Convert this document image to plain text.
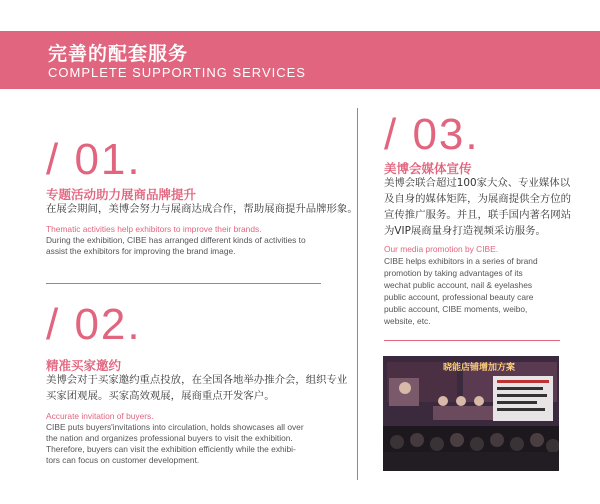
完善的配套服务
COMPLETE SUPPORTING SERVICES
/ 01.
专题活动助力展商品牌提升
在展会期间，美博会努力与展商达成合作，帮助展商提升品牌形象。
Thematic activities help exhibitors to improve their brands.
During the exhibition, CIBE has arranged different kinds of activities to
assist the exhibitors for improving the brand image.
/ 02.
精准买家邀约
美博会对于买家邀约重点投放，在全国各地举办推介会，组织专业
买家团观展。买家高效观展，展商重点开发客户。
Accurate invitation of buyers.
CIBE puts buyers'invitations into circulation, holds showcases all over
the nation and organizes professional buyers to visit the exhibition.
Therefore, buyers can visit the exhibition efficiently while the exhibi-
tors can focus on customer development.
/ 03.
美博会媒体宣传
美博会联合超过100家大众、专业媒体以
及自身的媒体矩阵，为展商提供全方位的
宣传推广服务。并且，联手国内著名网站
为VIP展商量身打造视频采访服务。
Our media promotion by CIBE.
CIBE helps exhibitors in a series of brand
promotion by taking advantages of its
wechat public account, nail & eyelashes
public account, professional beauty care
public account, CIBE moments, weibo,
website, etc.
晓能店铺增加方案
